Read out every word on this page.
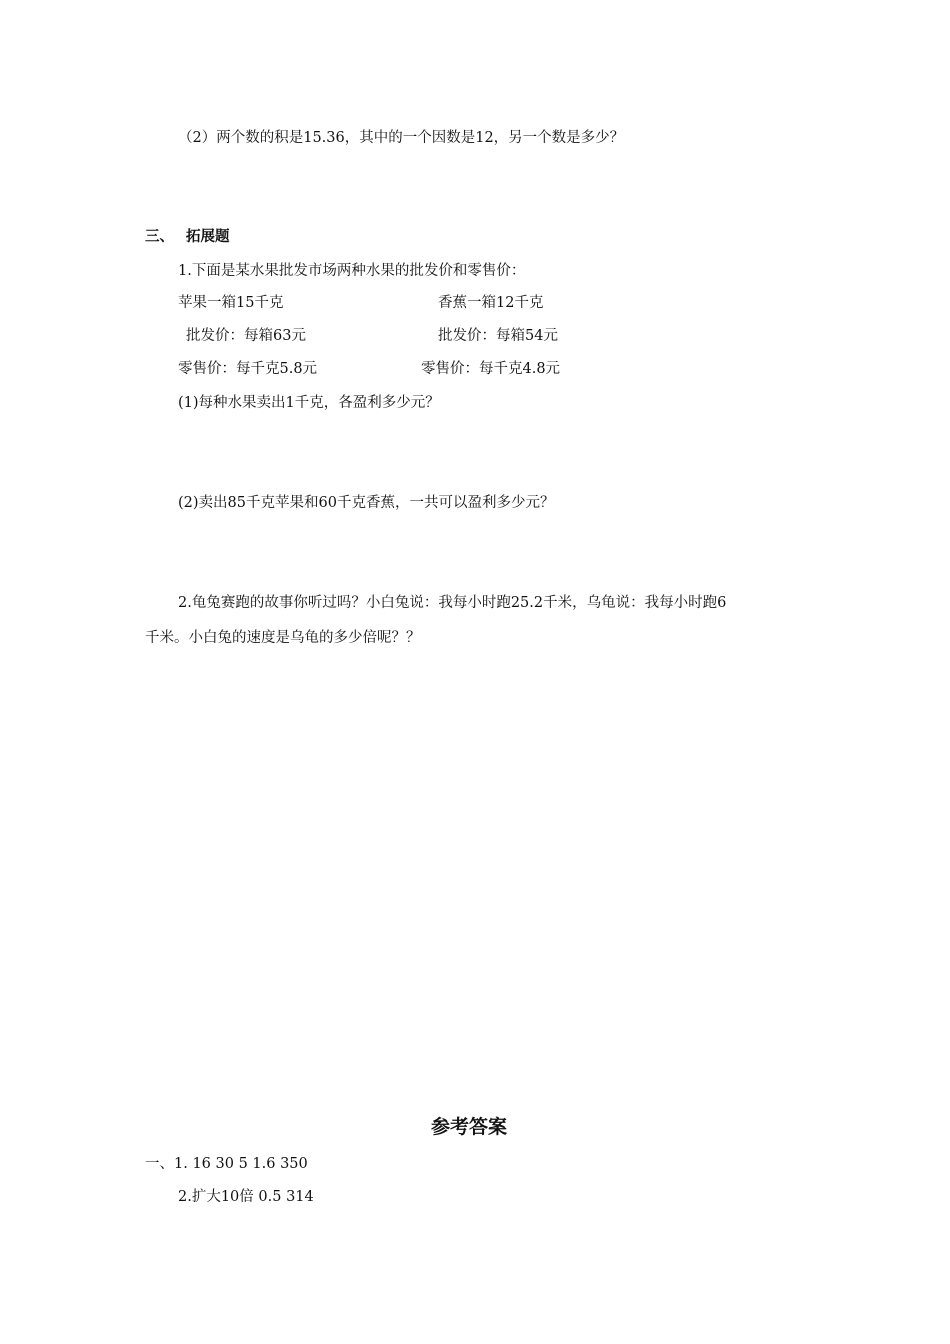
（2）两个数的积是15.36，其中的一个因数是12，另一个数是多少？
三、 拓展题
1.下面是某水果批发市场两种水果的批发价和零售价：
苹果一箱15千克	香蕉一箱12千克
批发价：每箱63元	批发价：每箱54元
零售价：每千克5.8元	零售价：每千克4.8元
(1)每种水果卖出1千克，各盈利多少元？
(2)卖出85千克苹果和60千克香蕉，一共可以盈利多少元？
2.龟兔赛跑的故事你听过吗？小白兔说：我每小时跑25.2千米，乌龟说：我每小时跑6
千米。小白兔的速度是乌龟的多少倍呢？？
参考答案
一、1. 16 30 5 1.6 350
2.扩大10倍 0.5 314
